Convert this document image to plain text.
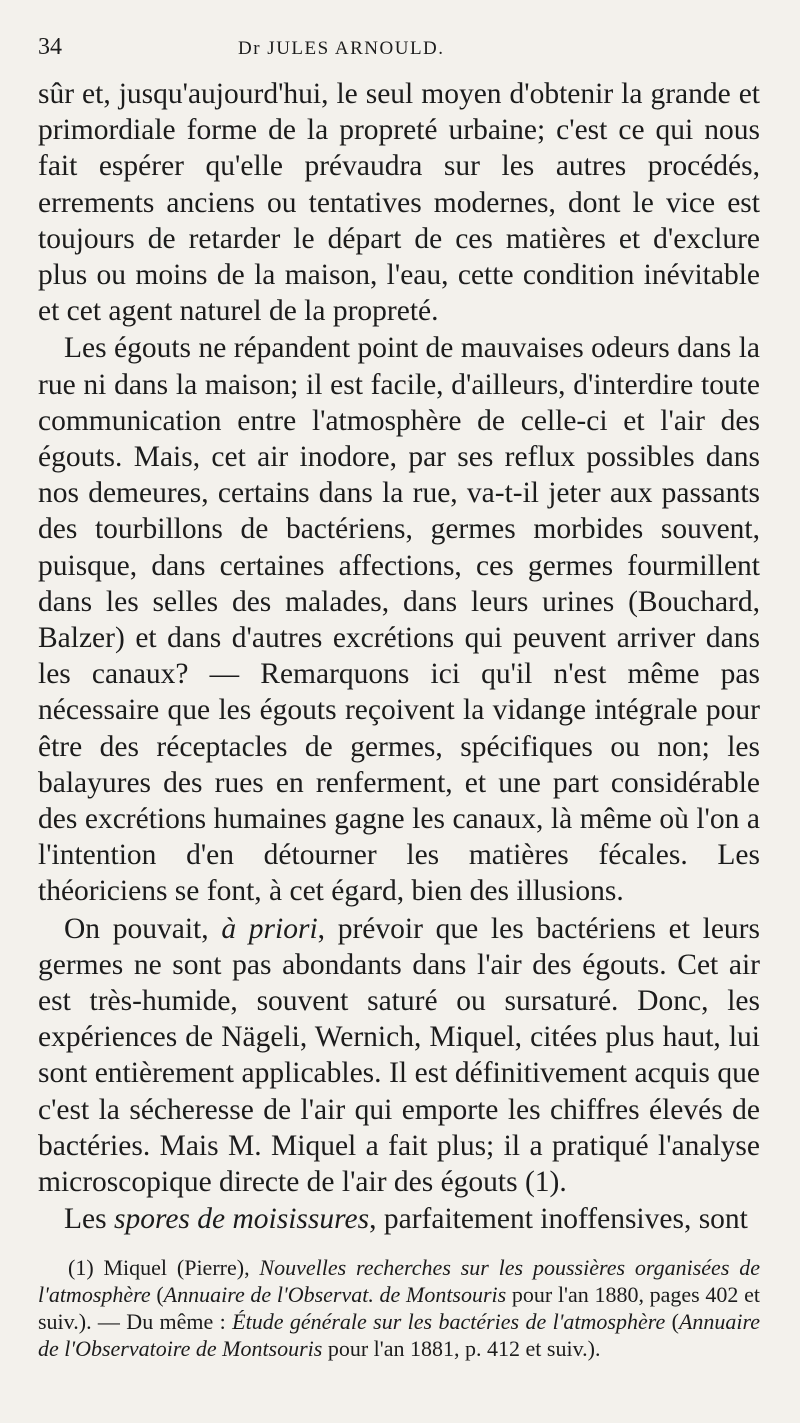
34	Dr JULES ARNOULD.

sûr et, jusqu'aujourd'hui, le seul moyen d'obtenir la grande et primordiale forme de la propreté urbaine; c'est ce qui nous fait espérer qu'elle prévaudra sur les autres procédés, errements anciens ou tentatives modernes, dont le vice est toujours de retarder le départ de ces matières et d'exclure plus ou moins de la maison, l'eau, cette condition inévitable et cet agent naturel de la propreté.

Les égouts ne répandent point de mauvaises odeurs dans la rue ni dans la maison; il est facile, d'ailleurs, d'interdire toute communication entre l'atmosphère de celle-ci et l'air des égouts. Mais, cet air inodore, par ses reflux possibles dans nos demeures, certains dans la rue, va-t-il jeter aux passants des tourbillons de bactériens, germes morbides souvent, puisque, dans certaines affections, ces germes fourmillent dans les selles des malades, dans leurs urines (Bouchard, Balzer) et dans d'autres excrétions qui peuvent arriver dans les canaux? — Remarquons ici qu'il n'est même pas nécessaire que les égouts reçoivent la vidange intégrale pour être des réceptacles de germes, spécifiques ou non; les balayures des rues en renferment, et une part considérable des excrétions humaines gagne les canaux, là même où l'on a l'intention d'en détourner les matières fécales. Les théoriciens se font, à cet égard, bien des illusions.

On pouvait, à priori, prévoir que les bactériens et leurs germes ne sont pas abondants dans l'air des égouts. Cet air est très-humide, souvent saturé ou sursaturé. Donc, les expériences de Nägeli, Wernich, Miquel, citées plus haut, lui sont entièrement applicables. Il est définitivement acquis que c'est la sécheresse de l'air qui emporte les chiffres élevés de bactéries. Mais M. Miquel a fait plus; il a pratiqué l'analyse microscopique directe de l'air des égouts (1).

Les spores de moisissures, parfaitement inoffensives, sont

(1) Miquel (Pierre), Nouvelles recherches sur les poussières organisées de l'atmosphère (Annuaire de l'Observat. de Montsouris pour l'an 1880, pages 402 et suiv.). — Du même : Étude générale sur les bactéries de l'atmosphère (Annuaire de l'Observatoire de Montsouris pour l'an 1881, p. 412 et suiv.).
